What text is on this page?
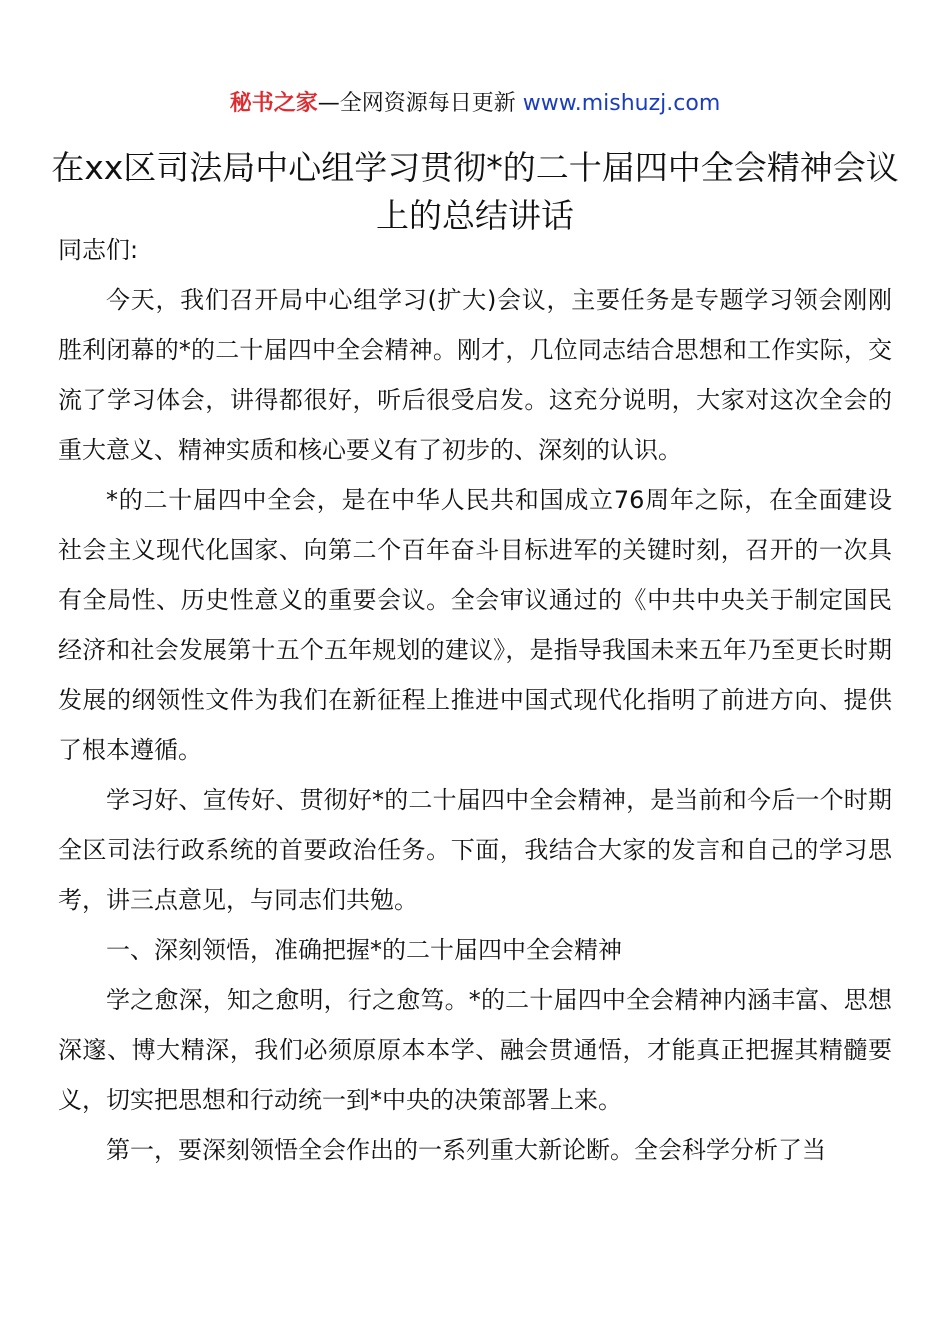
秘书之家—全网资源每日更新 www.mishuzj.com
在xx区司法局中心组学习贯彻*的二十届四中全会精神会议上的总结讲话

同志们:

今天，我们召开局中心组学习(扩大)会议，主要任务是专题学习领会刚刚胜利闭幕的*的二十届四中全会精神。刚才，几位同志结合思想和工作实际，交流了学习体会，讲得都很好，听后很受启发。这充分说明，大家对这次全会的重大意义、精神实质和核心要义有了初步的、深刻的认识。

*的二十届四中全会，是在中华人民共和国成立76周年之际，在全面建设社会主义现代化国家、向第二个百年奋斗目标进军的关键时刻，召开的一次具有全局性、历史性意义的重要会议。全会审议通过的《中共中央关于制定国民经济和社会发展第十五个五年规划的建议》，是指导我国未来五年乃至更长时期发展的纲领性文件为我们在新征程上推进中国式现代化指明了前进方向、提供了根本遵循。

学习好、宣传好、贯彻好*的二十届四中全会精神，是当前和今后一个时期全区司法行政系统的首要政治任务。下面，我结合大家的发言和自己的学习思考，讲三点意见，与同志们共勉。

一、深刻领悟，准确把握*的二十届四中全会精神

学之愈深，知之愈明，行之愈笃。*的二十届四中全会精神内涵丰富、思想深邃、博大精深，我们必须原原本本学、融会贯通悟，才能真正把握其精髓要义，切实把思想和行动统一到*中央的决策部署上来。

第一，要深刻领悟全会作出的一系列重大新论断。全会科学分析了当
